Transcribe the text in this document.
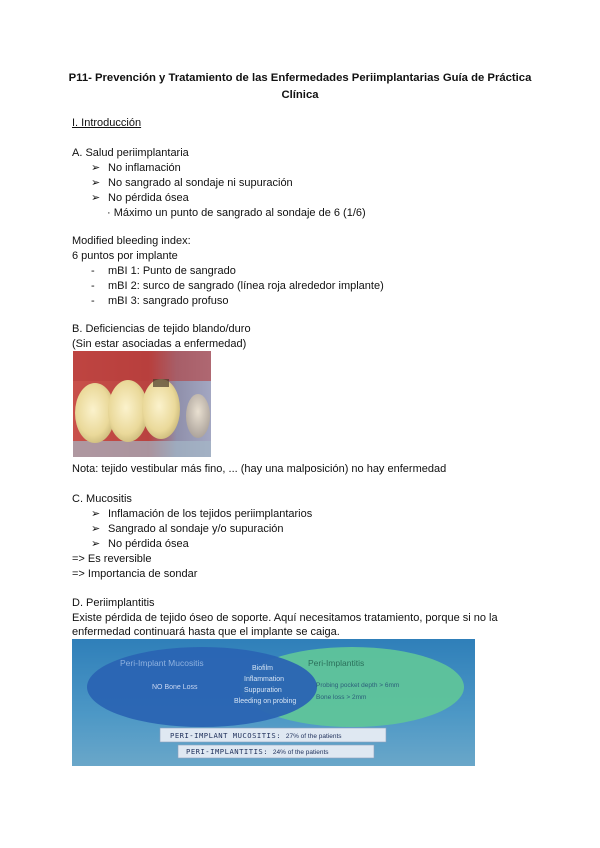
P11- Prevención y Tratamiento de las Enfermedades Periimplantarias Guía de Práctica Clínica
I. Introducción
A. Salud periimplantaria
➢ No inflamación
➢ No sangrado al sondaje ni supuración
➢ No pérdida ósea
· Máximo un punto de sangrado al sondaje de 6 (1/6)
Modified bleeding index:
6 puntos por implante
- mBI 1: Punto de sangrado
- mBI 2: surco de sangrado (línea roja alrededor implante)
- mBI 3: sangrado profuso
B. Deficiencias de tejido blando/duro
(Sin estar asociadas a enfermedad)
Nota: tejido vestibular más fino, ... (hay una malposición) no hay enfermedad
C. Mucositis
➢ Inflamación de los tejidos periimplantarios
➢ Sangrado al sondaje y/o supuración
➢ No pérdida ósea
=> Es reversible
=> Importancia de sondar
D. Periimplantitis
Existe pérdida de tejido óseo de soporte. Aquí necesitamos tratamiento, porque si no la
enfermedad continuará hasta que el implante se caiga.
Peri-Implant Mucositis	Peri-Implantitis
NO Bone Loss
Biofilm
Inflammation
Suppuration
Bleeding on probing
Probing pocket depth > 6mm
Bone loss > 2mm
PERI-IMPLANT MUCOSITIS: 27% of the patients
PERI-IMPLANTITIS: 24% of the patients
